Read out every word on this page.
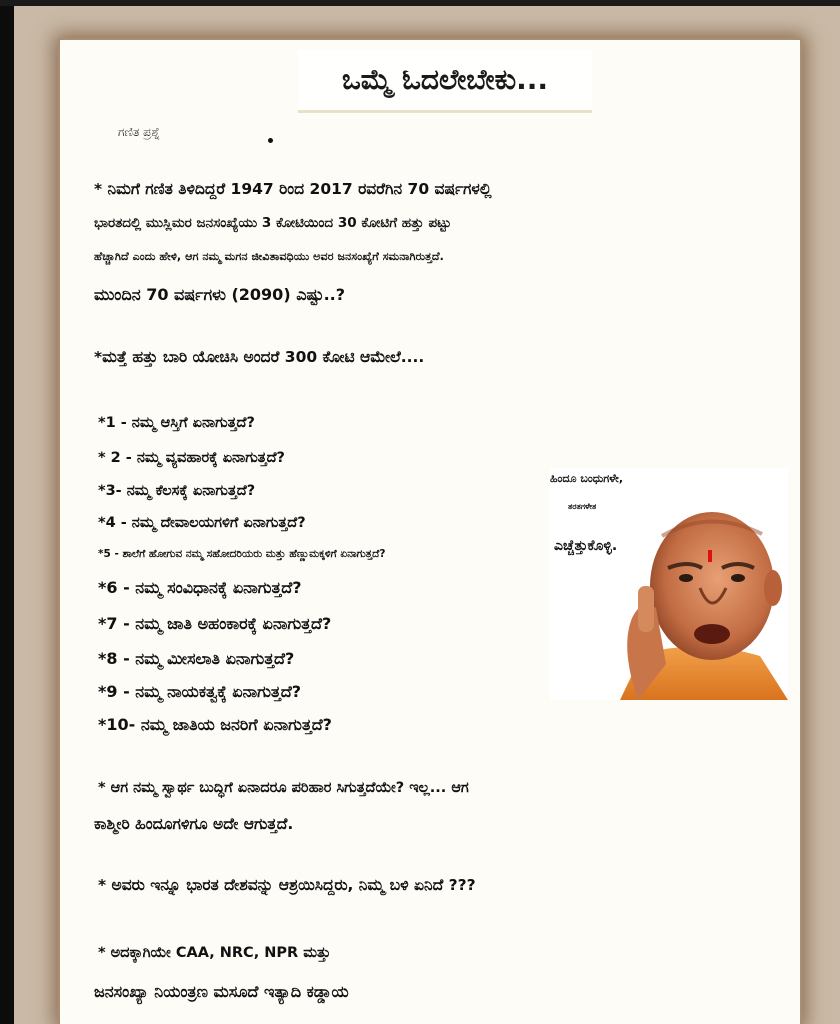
ಒಮ್ಮೆ ಓದಲೇಬೇಕು...
ಗಣಿತ ಪ್ರಶ್ನೆ
* ನಿಮಗೆ ಗಣಿತ ತಿಳಿದಿದ್ದರೆ 1947 ರಿಂದ 2017 ರವರೆಗಿನ 70 ವರ್ಷಗಳಲ್ಲಿ
ಭಾರತದಲ್ಲಿ ಮುಸ್ಲಿಮರ ಜನಸಂಖ್ಯೆಯು 3 ಕೋಟಿಯಿಂದ 30 ಕೋಟಿಗೆ ಹತ್ತು ಪಟ್ಟು
ಹೆಚ್ಚಾಗಿದೆ ಎಂದು ಹೇಳಿ, ಆಗ ನಮ್ಮ ಮಗನ ಜೀವಿತಾವಧಿಯು ಅವರ ಜನಸಂಖ್ಯೆಗೆ ಸಮನಾಗಿರುತ್ತದೆ.
ಮುಂದಿನ 70 ವರ್ಷಗಳು (2090) ಎಷ್ಟು..?
*ಮತ್ತೆ ಹತ್ತು ಬಾರಿ ಯೋಚಿಸಿ ಅಂದರೆ 300 ಕೋಟಿ ಆಮೇಲೆ....
*1 - ನಮ್ಮ ಆಸ್ತಿಗೆ ಏನಾಗುತ್ತದೆ?
* 2 - ನಮ್ಮ ವ್ಯವಹಾರಕ್ಕೆ ಏನಾಗುತ್ತದೆ?
*3- ನಮ್ಮ ಕೆಲಸಕ್ಕೆ ಏನಾಗುತ್ತದೆ?
*4 - ನಮ್ಮ ದೇವಾಲಯಗಳಿಗೆ ಏನಾಗುತ್ತದೆ?
*5 - ಶಾಲೆಗೆ ಹೋಗುವ ನಮ್ಮ ಸಹೋದರಿಯರು ಮತ್ತು ಹೆಣ್ಣುಮಕ್ಕಳಿಗೆ ಏನಾಗುತ್ತದೆ?
*6 - ನಮ್ಮ ಸಂವಿಧಾನಕ್ಕೆ ಏನಾಗುತ್ತದೆ?
*7 - ನಮ್ಮ ಜಾತಿ ಅಹಂಕಾರಕ್ಕೆ ಏನಾಗುತ್ತದೆ?
*8 - ನಮ್ಮ ಮೀಸಲಾತಿ ಏನಾಗುತ್ತದೆ?
*9 - ನಮ್ಮ ನಾಯಕತ್ವಕ್ಕೆ ಏನಾಗುತ್ತದೆ?
*10- ನಮ್ಮ ಜಾತಿಯ ಜನರಿಗೆ ಏನಾಗುತ್ತದೆ?
ಹಿಂದೂ ಬಂಧುಗಳೇ,
ತರತಗಳೇತ
ಎಚ್ಚೆತ್ತುಕೊಳ್ಳಿ.
* ಆಗ ನಮ್ಮ ಸ್ವಾರ್ಥ ಬುದ್ಧಿಗೆ ಏನಾದರೂ ಪರಿಹಾರ ಸಿಗುತ್ತದೆಯೇ? ಇಲ್ಲ... ಆಗ
ಕಾಶ್ಮೀರಿ ಹಿಂದೂಗಳಿಗೂ ಅದೇ ಆಗುತ್ತದೆ.
* ಅವರು ಇನ್ನೂ ಭಾರತ ದೇಶವನ್ನು ಆಶ್ರಯಿಸಿದ್ದರು, ನಿಮ್ಮ ಬಳಿ ಏನಿದೆ ???
* ಅದಕ್ಕಾಗಿಯೇ CAA, NRC, NPR ಮತ್ತು
ಜನಸಂಖ್ಯಾ ನಿಯಂತ್ರಣ ಮಸೂದೆ ಇತ್ಯಾದಿ ಕಡ್ಡಾಯ
